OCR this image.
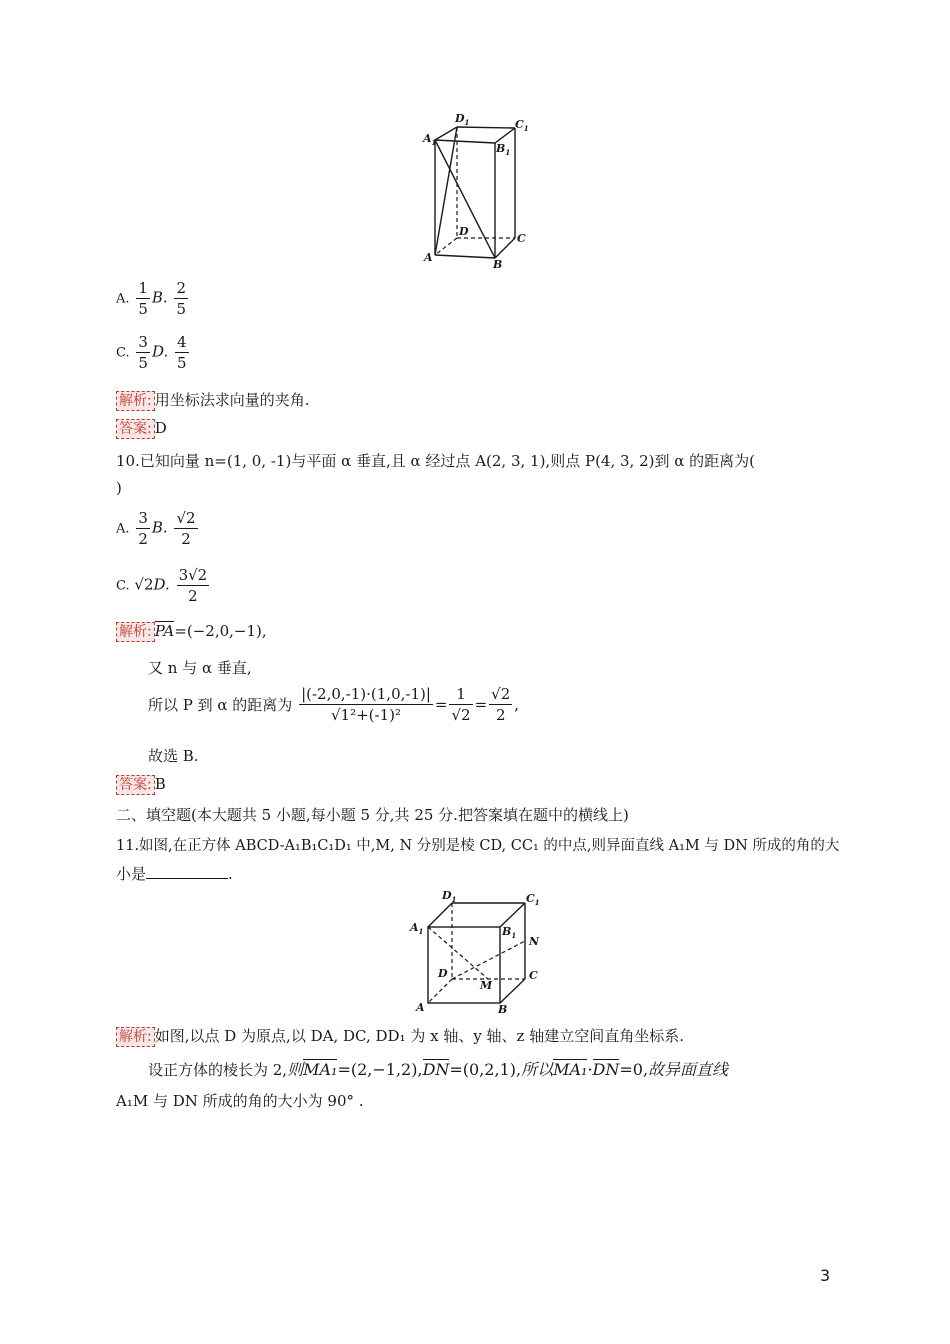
$A_1$
$D_1$	$C_1$
$B_1$
D
C
A
B
A. $\frac{1}{5} B$. $\frac{2}{5}$
C. $\frac{3}{5} D$. $\frac{4}{5}$
解析: 用坐标法求向量的夹角.
答案: D
10.已知向量 n=(1, 0, -1)与平面 α 垂直,且 α 经过点 A(2, 3, 1),则点 P(4, 3, 2)到 α 的距离为(
)
A. $\frac{3}{2} B$. $\frac{√2}{2}$
C. √2D. $\frac{3√2}{2}$
解析: PA=(−2,0,−1),
又 n 与 α 垂直,
所以 P 到 α 的距离为 $\frac{|(-2,0,-1)\cdot(1,0,-1)|}{\text{√1²+(-1)²}} = \frac{1}{√2} = \frac{√2}{2}$ ,
故选 B.
答案: B
二、填空题(本大题共 5 小题,每小题 5 分,共 25 分.把答案填在题中的横线上)
11.如图,在正方体 ABCD-A₁B₁C₁D₁ 中,M, N 分别是棱 CD, CC₁ 的中点,则异面直线 A₁M 与 DN 所成的角的大
小是	.
$D_1$	$C_1$
$A_1$	$B_1$ N
D	C
M
A	B
解析: 如图,以点 D 为原点,以 DA, DC, DD₁ 为 x 轴、y 轴、z 轴建立空间直角坐标系.
设正方体的棱长为 2,则MA₁=(2,−1,2),DN=(0,2,1),所以MA₁·DN=0,故异面直线
A₁M 与 DN 所成的角的大小为 90° .
3
